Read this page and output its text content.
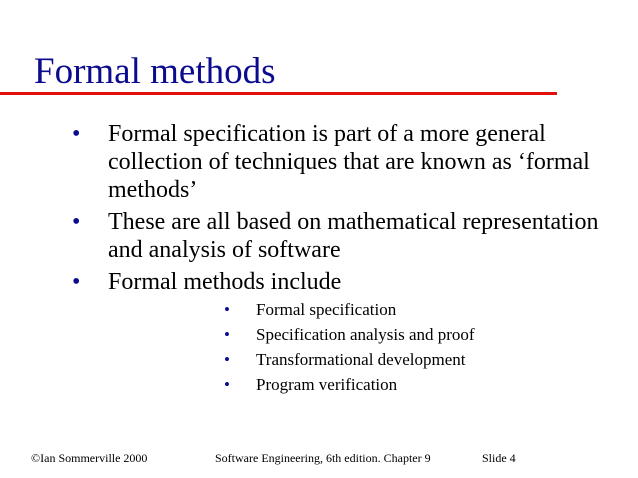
Formal methods
• Formal specification is part of a more general collection of techniques that are known as ‘formal methods’
• These are all based on mathematical representation and analysis of software
• Formal methods include
• Formal specification
• Specification analysis and proof
• Transformational development
• Program verification
©Ian Sommerville 2000	Software Engineering, 6th edition. Chapter 9	Slide 4
